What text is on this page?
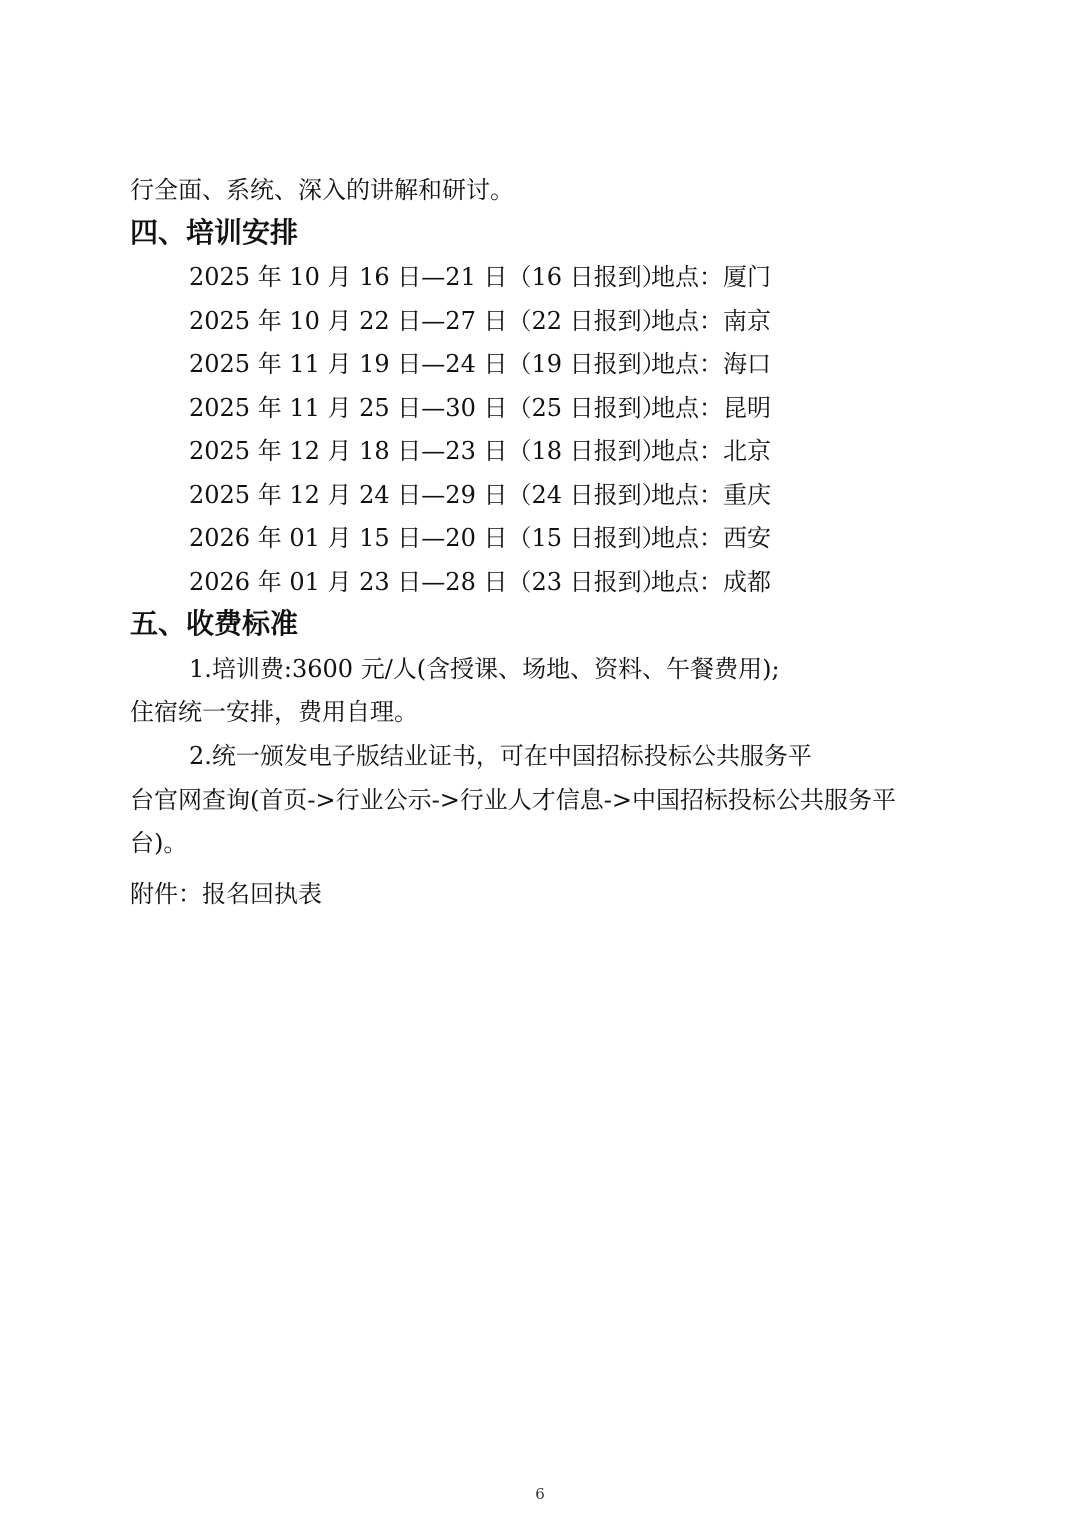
行全面、系统、深入的讲解和研讨。
四、培训安排
2025 年 10 月 16 日—21 日（16 日报到）地点：厦门
2025 年 10 月 22 日—27 日（22 日报到）地点：南京
2025 年 11 月 19 日—24 日（19 日报到）地点：海口
2025 年 11 月 25 日—30 日（25 日报到）地点：昆明
2025 年 12 月 18 日—23 日（18 日报到）地点：北京
2025 年 12 月 24 日—29 日（24 日报到）地点：重庆
2026 年 01 月 15 日—20 日（15 日报到）地点：西安
2026 年 01 月 23 日—28 日（23 日报到）地点：成都
五、收费标准
1.培训费:3600 元/人(含授课、场地、资料、午餐费用);
住宿统一安排，费用自理。
2.统一颁发电子版结业证书，可在中国招标投标公共服务平
台官网查询(首页->行业公示->行业人才信息->中国招标投标公共服务平
台)。
附件：报名回执表
6
